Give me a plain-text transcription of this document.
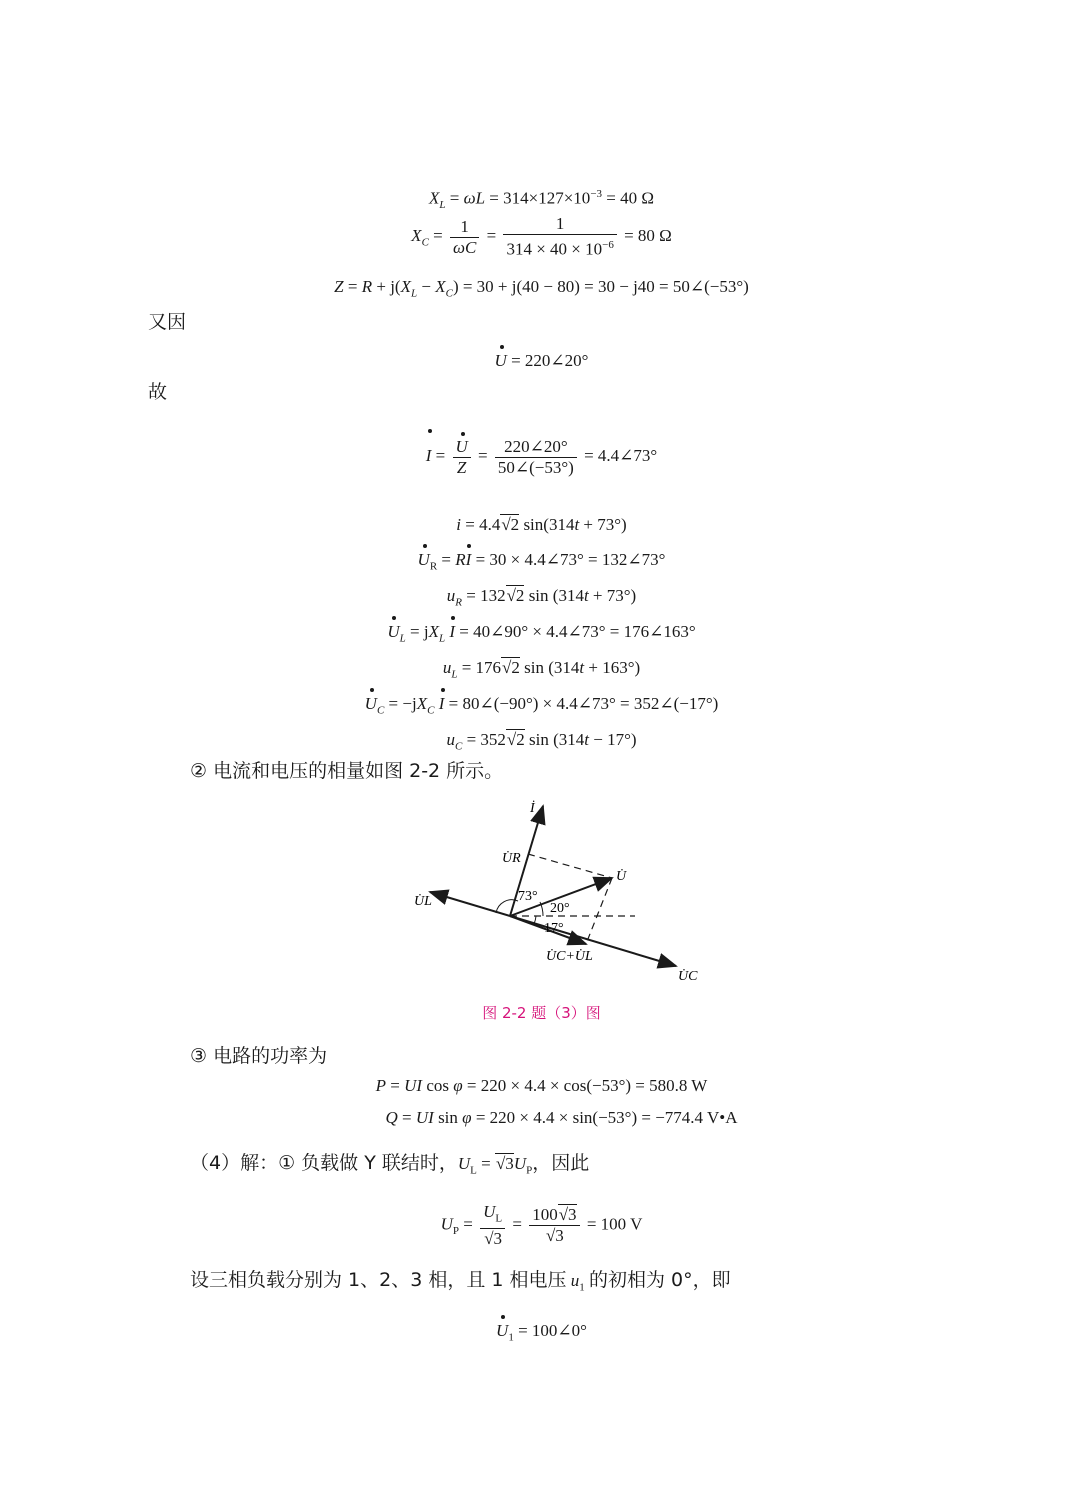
$X_L = \omega L = 314\times 127\times 10^{-3} = 40$ Ω
$X_C = \frac{1}{\omega C} = \frac{1}{314 \times 40 \times 10^{-6}} = 80$ Ω
$Z = R + j(X_L - X_C) = 30 + j(40 - 80) = 30 - j40$ = 50∠(−53°)
又因
U = 220∠20°
故
$I = \frac{U}{Z} = \frac{220\angle 20^\circ}{50\angle(-53^\circ)}$ = 4.4∠73°
i = 4.4√2 sin(314t + 73°)
$U_R$ = RI = 30 × 4.4∠73° = 132∠73°
$u_R = 132√2$ sin (314t + 73°)
$U_L = jX_L$ I = 40∠90° × 4.4∠73° = 176∠163°
$u_L = 176√2$ sin (314t + 163°)
$U_C = -jX_C$ I = 80∠(−90°) × 4.4∠73° = 352∠(−17°)
$u_C = 352√2$ sin (314t − 17°)
② 电流和电压的相量如图 2-2 所示。
İ
U̇R
U̇
U̇L
U̇C
U̇C+U̇L
73°
20°
17°
图 2-2 题（3）图
③ 电路的功率为
P = UI cos φ = 220 × 4.4 × cos(−53°) = 580.8 W
Q = UI sin φ = 220 × 4.4 × sin(−53°) = −774.4 V•A
（4）解：① 负载做 Y 联结时，$U_L = √3U_P$，因此
$U_P = \frac{U_L}{√3} = \frac{100√3}{√3} = 100$ V
设三相负载分别为 1、2、3 相，且 1 相电压 $u_1$ 的初相为 0°，即
$U_1$ = 100∠0°
